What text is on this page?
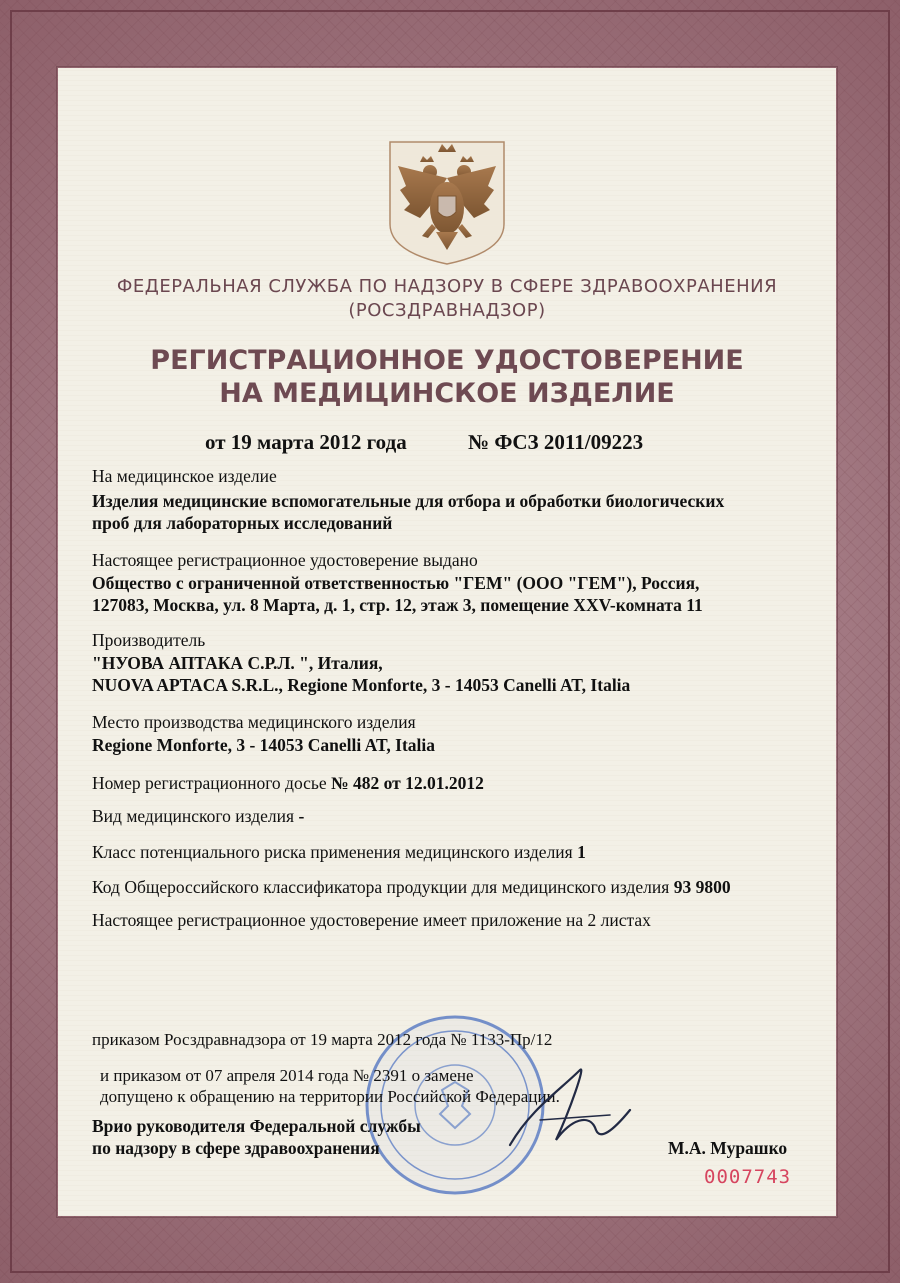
ФЕДЕРАЛЬНАЯ СЛУЖБА ПО НАДЗОРУ В СФЕРЕ ЗДРАВООХРАНЕНИЯ
(РОСЗДРАВНАДЗОР)
РЕГИСТРАЦИОННОЕ УДОСТОВЕРЕНИЕ
НА МЕДИЦИНСКОЕ ИЗДЕЛИЕ
от 19 марта 2012 года	№ ФСЗ 2011/09223
На медицинское изделие
Изделия медицинские вспомогательные для отбора и обработки биологических
проб для лабораторных исследований
Настоящее регистрационное удостоверение выдано
Общество с ограниченной ответственностью "ГЕМ" (ООО "ГЕМ"), Россия,
127083, Москва, ул. 8 Марта, д. 1, стр. 12, этаж 3, помещение XXV-комната 11
Производитель
"НУОВА АПТАКА С.Р.Л. ", Италия,
NUOVA APTACA S.R.L., Regione Monforte, 3 - 14053 Canelli AT, Italia
Место производства медицинского изделия
Regione Monforte, 3 - 14053 Canelli AT, Italia
Номер регистрационного досье № 482 от 12.01.2012
Вид медицинского изделия -
Класс потенциального риска применения медицинского изделия 1
Код Общероссийского классификатора продукции для медицинского изделия 93 9800
Настоящее регистрационное удостоверение имеет приложение на 2 листах
приказом Росздравнадзора от 19 марта 2012 года № 1133-Пр/12
и приказом от 07 апреля 2014 года № 2391 о замене
допущено к обращению на территории Российской Федерации.
Врио руководителя Федеральной службы
по надзору в сфере здравоохранения	М.А. Мурашко
0007743
